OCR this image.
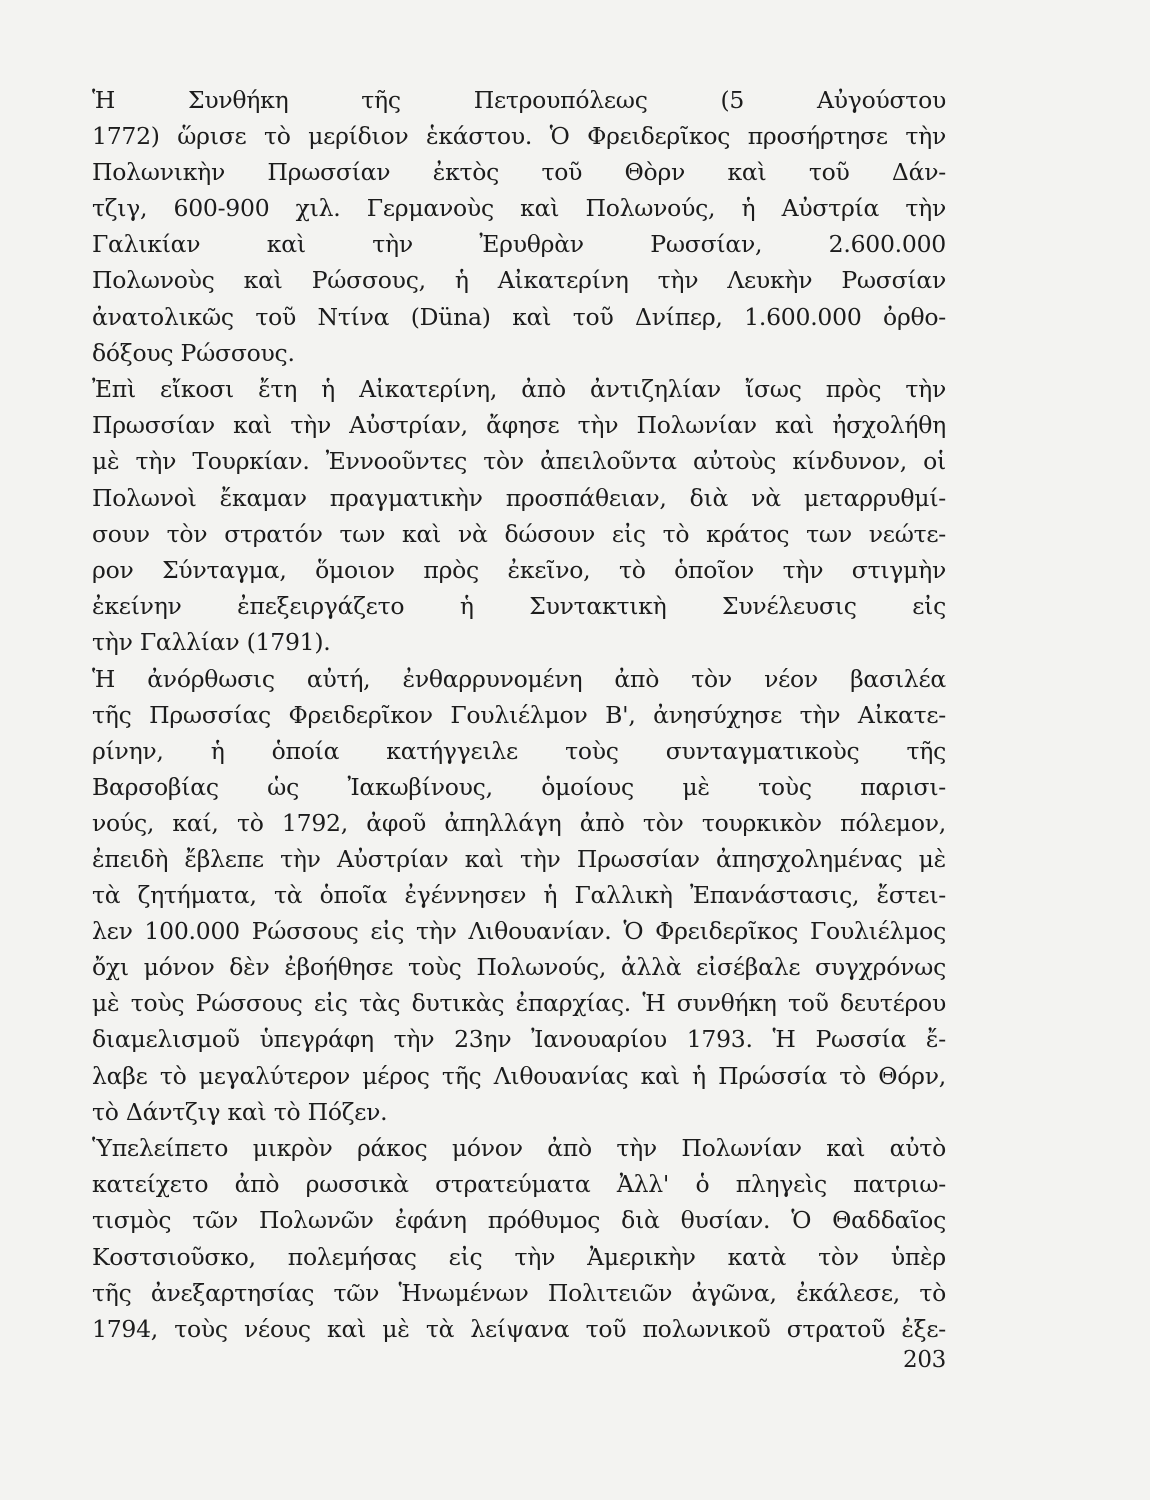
Ἡ Συνθήκη τῆς Πετρουπόλεως (5 Αὐγούστου
1772) ὥρισε τὸ μερίδιον ἑκάστου. Ὁ Φρειδερῖκος προσήρτησε τὴν
Πολωνικὴν Πρωσσίαν ἐκτὸς τοῦ Θὸρν καὶ τοῦ Δάν-
τζιγ, 600-900 χιλ. Γερμανοὺς καὶ Πολωνούς, ἡ Αὐστρία τὴν
Γαλικίαν καὶ τὴν Ἐρυθρὰν Ρωσσίαν, 2.600.000
Πολωνοὺς καὶ Ρώσσους, ἡ Αἰκατερίνη τὴν Λευκὴν Ρωσσίαν
ἀνατολικῶς τοῦ Ντίνα (Düna) καὶ τοῦ Δνίπερ, 1.600.000 ὀρθο-
δόξους Ρώσσους.
Ἐπὶ εἴκοσι ἔτη ἡ Αἰκατερίνη, ἀπὸ ἀντιζηλίαν ἴσως πρὸς τὴν
Πρωσσίαν καὶ τὴν Αὐστρίαν, ἄφησε τὴν Πολωνίαν καὶ ἠσχολήθη
μὲ τὴν Τουρκίαν. Ἐννοοῦντες τὸν ἀπειλοῦντα αὐτοὺς κίνδυνον, οἱ
Πολωνοὶ ἔκαμαν πραγματικὴν προσπάθειαν, διὰ νὰ μεταρρυθμί-
σουν τὸν στρατόν των καὶ νὰ δώσουν εἰς τὸ κράτος των νεώτε-
ρον Σύνταγμα, ὅμοιον πρὸς ἐκεῖνο, τὸ ὁποῖον τὴν στιγμὴν
ἐκείνην ἐπεξειργάζετο ἡ Συντακτικὴ Συνέλευσις εἰς
τὴν Γαλλίαν (1791).
Ἡ ἀνόρθωσις αὐτή, ἐνθαρρυνομένη ἀπὸ τὸν νέον βασιλέα
τῆς Πρωσσίας Φρειδερῖκον Γουλιέλμον Β', ἀνησύχησε τὴν Αἰκατε-
ρίνην, ἡ ὁποία κατήγγειλε τοὺς συνταγματικοὺς τῆς
Βαρσοβίας ὡς Ἰακωβίνους, ὁμοίους μὲ τοὺς παρισι-
νούς, καί, τὸ 1792, ἀφοῦ ἀπηλλάγη ἀπὸ τὸν τουρκικὸν πόλεμον,
ἐπειδὴ ἔβλεπε τὴν Αὐστρίαν καὶ τὴν Πρωσσίαν ἀπησχολημένας μὲ
τὰ ζητήματα, τὰ ὁποῖα ἐγέννησεν ἡ Γαλλικὴ Ἐπανάστασις, ἔστει-
λεν 100.000 Ρώσσους εἰς τὴν Λιθουανίαν. Ὁ Φρειδερῖκος Γουλιέλμος
ὄχι μόνον δὲν ἐβοήθησε τοὺς Πολωνούς, ἀλλὰ εἰσέβαλε συγχρόνως
μὲ τοὺς Ρώσσους εἰς τὰς δυτικὰς ἐπαρχίας. Ἡ συνθήκη τοῦ δευτέρου
διαμελισμοῦ ὑπεγράφη τὴν 23ην Ἰανουαρίου 1793. Ἡ Ρωσσία ἔ-
λαβε τὸ μεγαλύτερον μέρος τῆς Λιθουανίας καὶ ἡ Πρώσσία τὸ Θόρν,
τὸ Δάντζιγ καὶ τὸ Πόζεν.
Ὑπελείπετο μικρὸν ράκος μόνον ἀπὸ τὴν Πολωνίαν καὶ αὐτὸ
κατείχετο ἀπὸ ρωσσικὰ στρατεύματα Ἀλλ' ὁ πληγεὶς πατριω-
τισμὸς τῶν Πολωνῶν ἐφάνη πρόθυμος διὰ θυσίαν. Ὁ Θαδδαῖος
Κοστσιοῦσκο, πολεμήσας εἰς τὴν Ἀμερικὴν κατὰ τὸν ὑπὲρ
τῆς ἀνεξαρτησίας τῶν Ἡνωμένων Πολιτειῶν ἀγῶνα, ἐκάλεσε, τὸ
1794, τοὺς νέους καὶ μὲ τὰ λείψανα τοῦ πολωνικοῦ στρατοῦ ἐξε-
203
